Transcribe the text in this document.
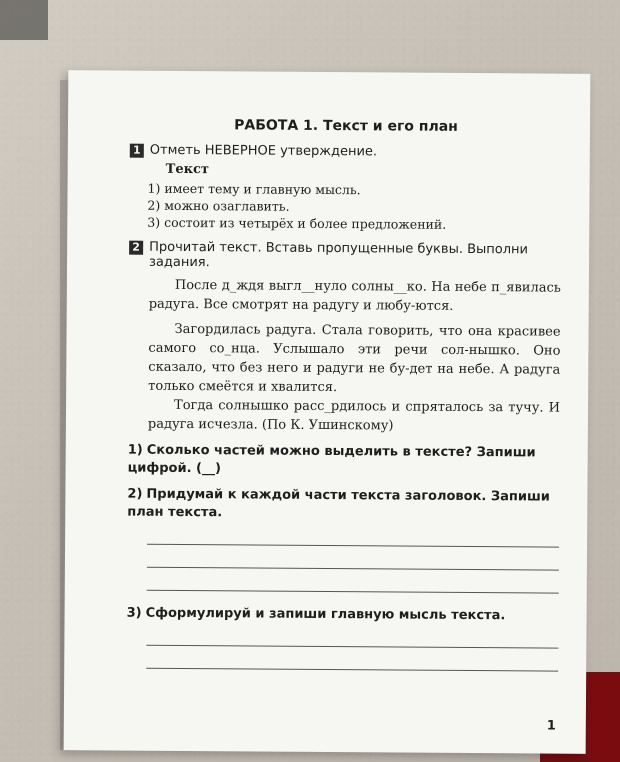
РАБОТА 1. Текст и его план
1 Отметь НЕВЕРНОЕ утверждение.
Текст
1) имеет тему и главную мысль.
2) можно озаглавить.
3) состоит из четырёх и более предложений.
2 Прочитай текст. Вставь пропущенные буквы. Выполни задания.

После д_ждя выгл__нуло солны__ко. На небе п_явилась радуга. Все смотрят на радугу и любу-ются.

Загордилась радуга. Стала говорить, что она красивее самого со_нца. Услышало эти речи сол-нышко. Оно сказало, что без него и радуги не бу-дет на небе. А радуга только смеётся и хвалится.

Тогда солнышко расс_рдилось и спряталось за тучу. И радуга исчезла. (По К. Ушинскому)

1) Сколько частей можно выделить в тексте? Запиши цифрой. (__)
2) Придумай к каждой части текста заголовок. Запиши план текста.
3) Сформулируй и запиши главную мысль текста.
1
